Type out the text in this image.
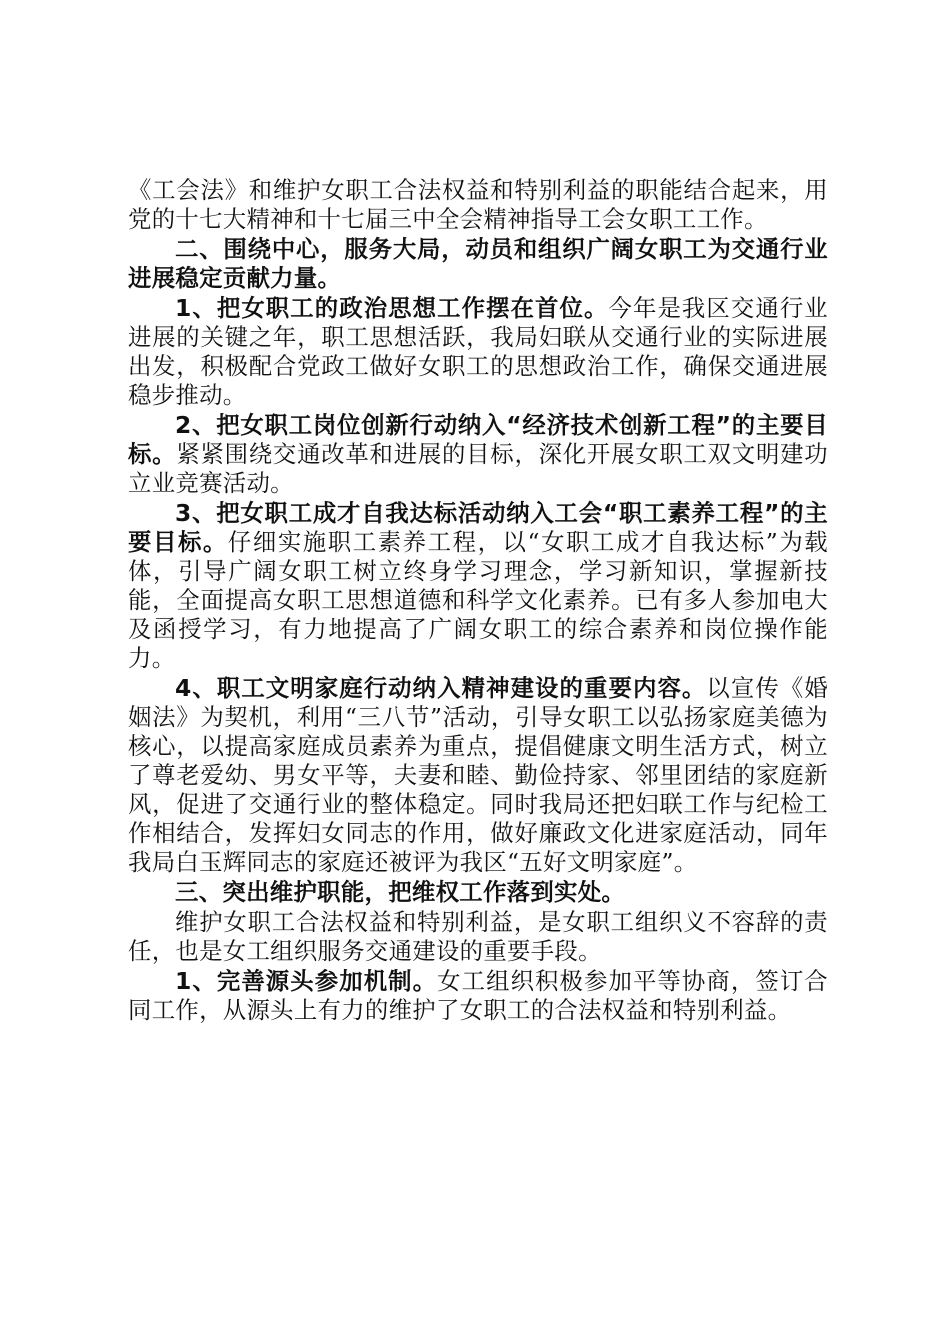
《工会法》和维护女职工合法权益和特别利益的职能结合起来，用党的十七大精神和十七届三中全会精神指导工会女职工工作。

二、围绕中心，服务大局，动员和组织广阔女职工为交通行业进展稳定贡献力量。

1、把女职工的政治思想工作摆在首位。今年是我区交通行业进展的关键之年，职工思想活跃，我局妇联从交通行业的实际进展出发，积极配合党政工做好女职工的思想政治工作，确保交通进展稳步推动。

2、把女职工岗位创新行动纳入“经济技术创新工程”的主要目标。紧紧围绕交通改革和进展的目标，深化开展女职工双文明建功立业竞赛活动。

3、把女职工成才自我达标活动纳入工会“职工素养工程”的主要目标。仔细实施职工素养工程，以“女职工成才自我达标”为载体，引导广阔女职工树立终身学习理念，学习新知识，掌握新技能，全面提高女职工思想道德和科学文化素养。已有多人参加电大及函授学习，有力地提高了广阔女职工的综合素养和岗位操作能力。

4、职工文明家庭行动纳入精神建设的重要内容。以宣传《婚姻法》为契机，利用“三八节”活动，引导女职工以弘扬家庭美德为核心，以提高家庭成员素养为重点，提倡健康文明生活方式，树立了尊老爱幼、男女平等，夫妻和睦、勤俭持家、邻里团结的家庭新风，促进了交通行业的整体稳定。同时我局还把妇联工作与纪检工作相结合，发挥妇女同志的作用，做好廉政文化进家庭活动，同年我局白玉辉同志的家庭还被评为我区“五好文明家庭”。

三、突出维护职能，把维权工作落到实处。

维护女职工合法权益和特别利益，是女职工组织义不容辞的责任，也是女工组织服务交通建设的重要手段。

1、完善源头参加机制。女工组织积极参加平等协商，签订合同工作，从源头上有力的维护了女职工的合法权益和特别利益。
